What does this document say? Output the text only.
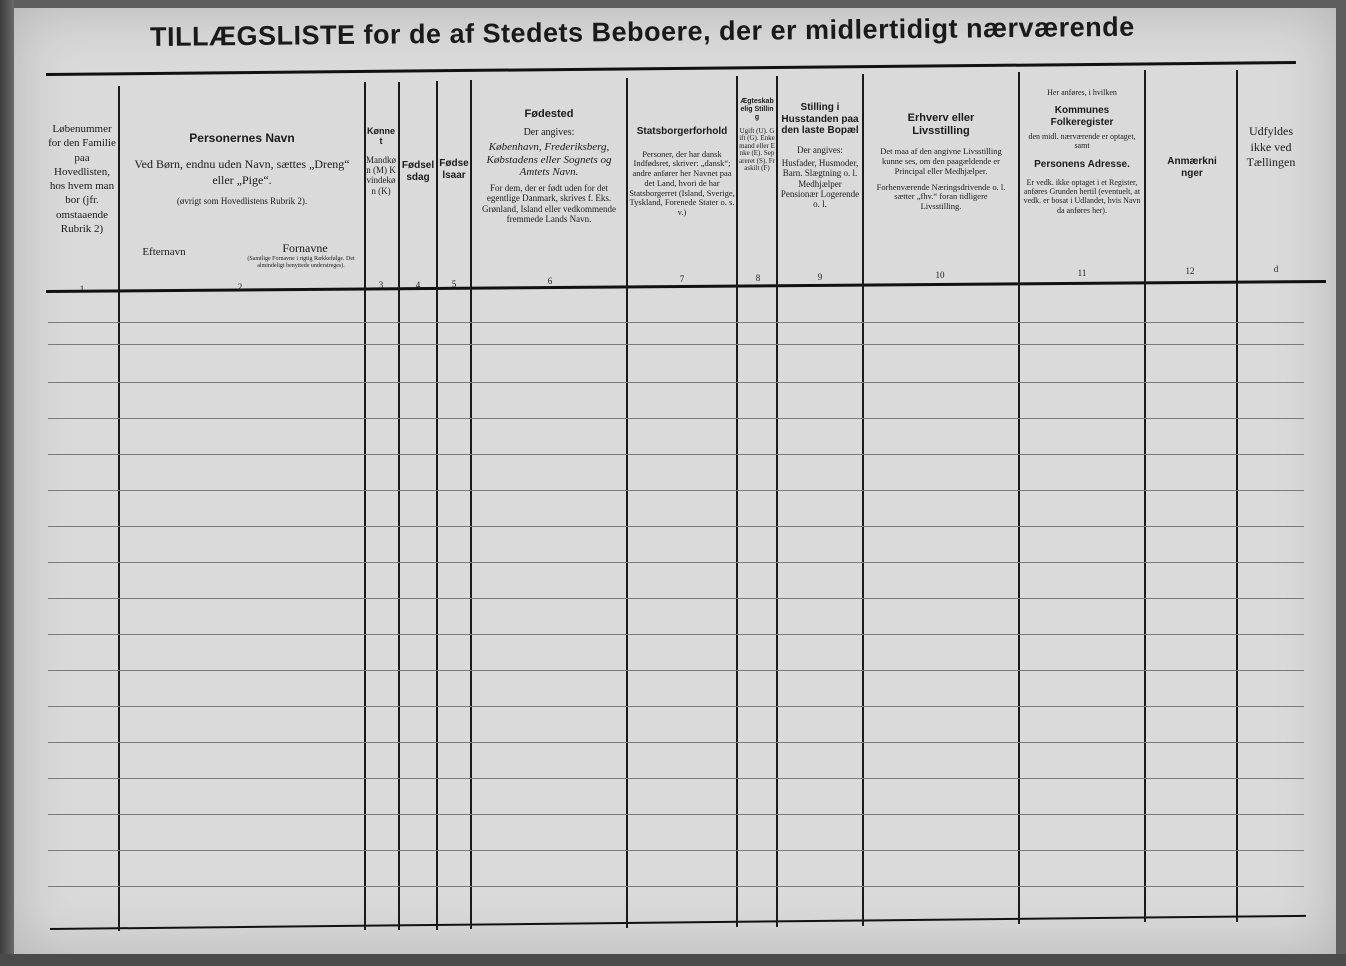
TILLÆGSLISTE for de af Stedets Beboere, der er midlertidigt nærværende
Løbenummer for den Familie paa Hovedlisten, hos hvem man bor (jfr. omstaaende Rubrik 2)
1
Personernes Navn
Ved Børn, endnu uden Navn, sættes „Dreng“ eller „Pige“.
(øvrigt som Hovedlistens Rubrik 2).
Efternavn	Fornavne
(Samtlige Fornavne i rigtig Rækkefølge. Det almindeligt benyttede understreges).
2
Kønnet
Mandkøn (M) Kvindekøn (K)
3
Fødselsdag
4
Fødselsaar
5
Fødested
Der angives:
København, Frederiksberg, Købstadens eller Sognets og Amtets Navn.
For dem, der er født uden for det egentlige Danmark, skrives f. Eks. Grønland, Island eller vedkommende fremmede Lands Navn.
6
Statsborgerforhold
Personer, der har dansk Indfødsret, skriver: „dansk“; andre anfører her Navnet paa det Land, hvori de har Statsborgerret (Island, Sverige, Tyskland, Forenede Stater o. s. v.)
7
Ægteskabelig Stilling
Ugift (U). Gift (G). Enkemand eller Enke (E). Separeret (S). Fraskilt (F)
8
Stilling i Husstanden paa den laste Bopæl
Der angives:
Husfader, Husmoder, Barn. Slægtning o. l. Medhjælper Pensionær Logerende o. l.
9
Erhverv eller Livsstilling
Det maa af den angivne Livsstilling kunne ses, om den paagældende er Principal eller Medhjælper.
Forhenværende Næringsdrivende o. l. sætter „fhv.“ foran tidligere Livsstilling.
10
Her anføres, i hvilken
Kommunes Folkeregister
den midl. nærværende er optaget, samt
Personens Adresse.
Er vedk. ikke optaget i et Register, anføres Grunden hertil (eventuelt, at vedk. er bosat i Udlandet, hvis Navn da anføres her).
11
Anmærkninger
12
Udfyldes ikke ved Tællingen
d
